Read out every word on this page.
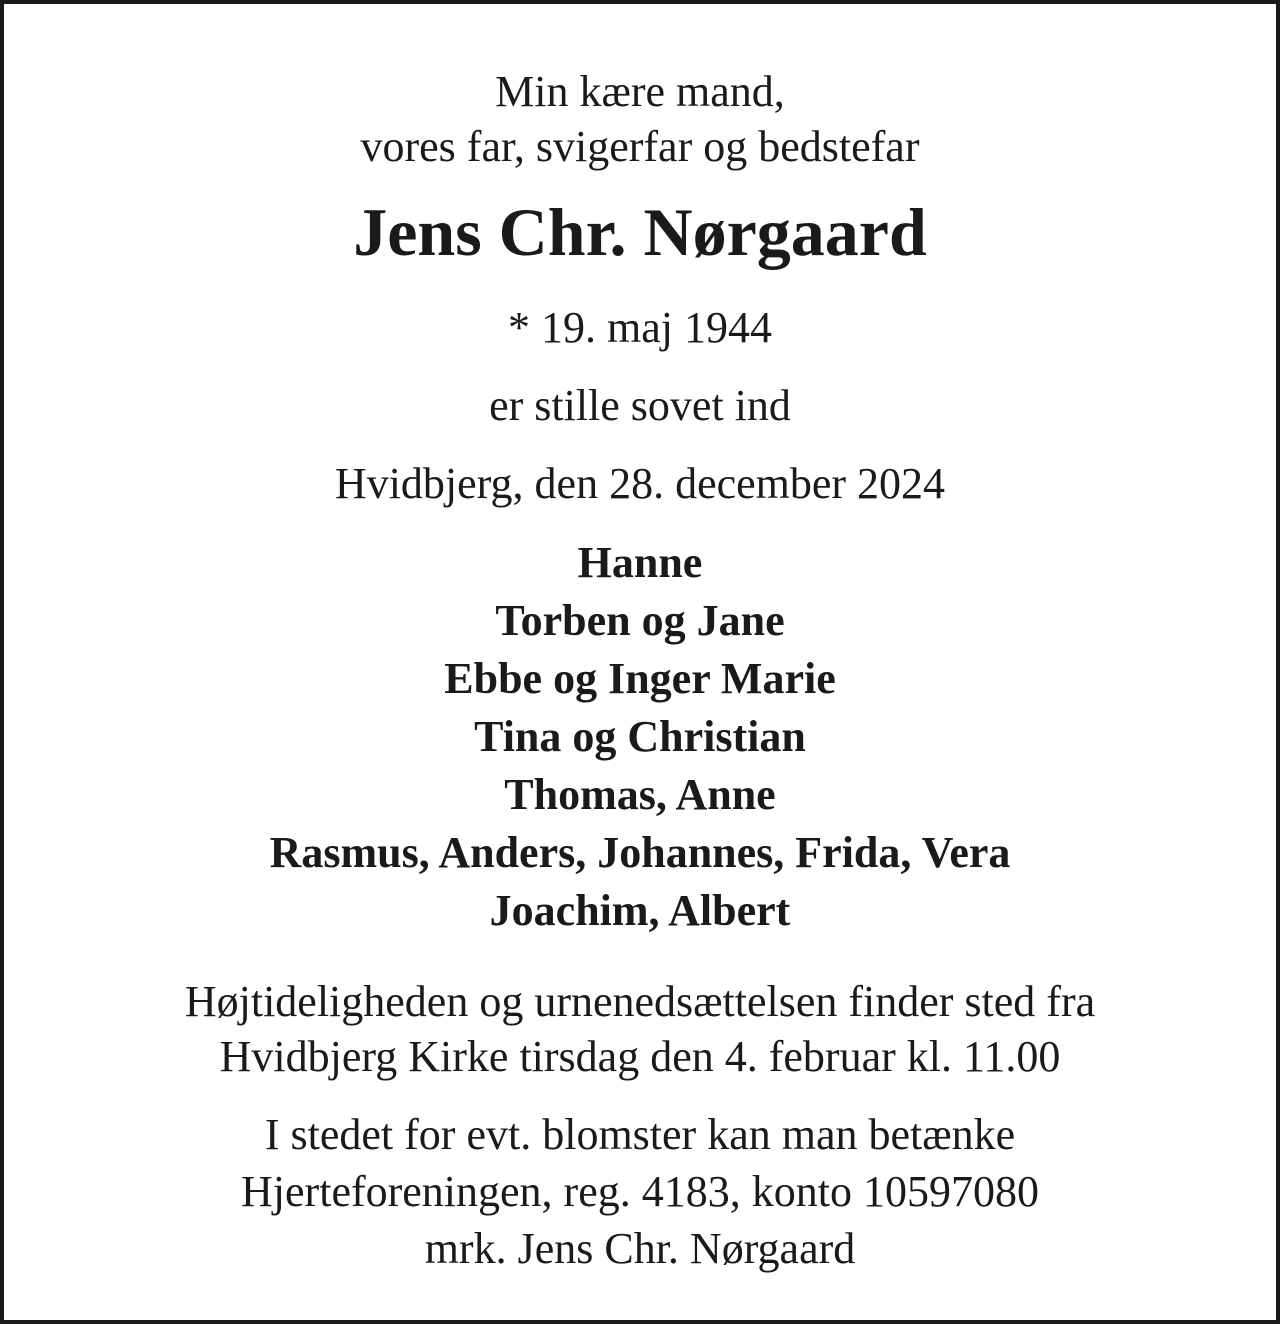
Min kære mand,
vores far, svigerfar og bedstefar
Jens Chr. Nørgaard
* 19. maj 1944
er stille sovet ind
Hvidbjerg, den 28. december 2024
Hanne
Torben og Jane
Ebbe og Inger Marie
Tina og Christian
Thomas, Anne
Rasmus, Anders, Johannes, Frida, Vera
Joachim, Albert
Højtideligheden og urnenedsættelsen finder sted fra
Hvidbjerg Kirke tirsdag den 4. februar kl. 11.00
I stedet for evt. blomster kan man betænke
Hjerteforeningen, reg. 4183, konto 10597080
mrk. Jens Chr. Nørgaard
